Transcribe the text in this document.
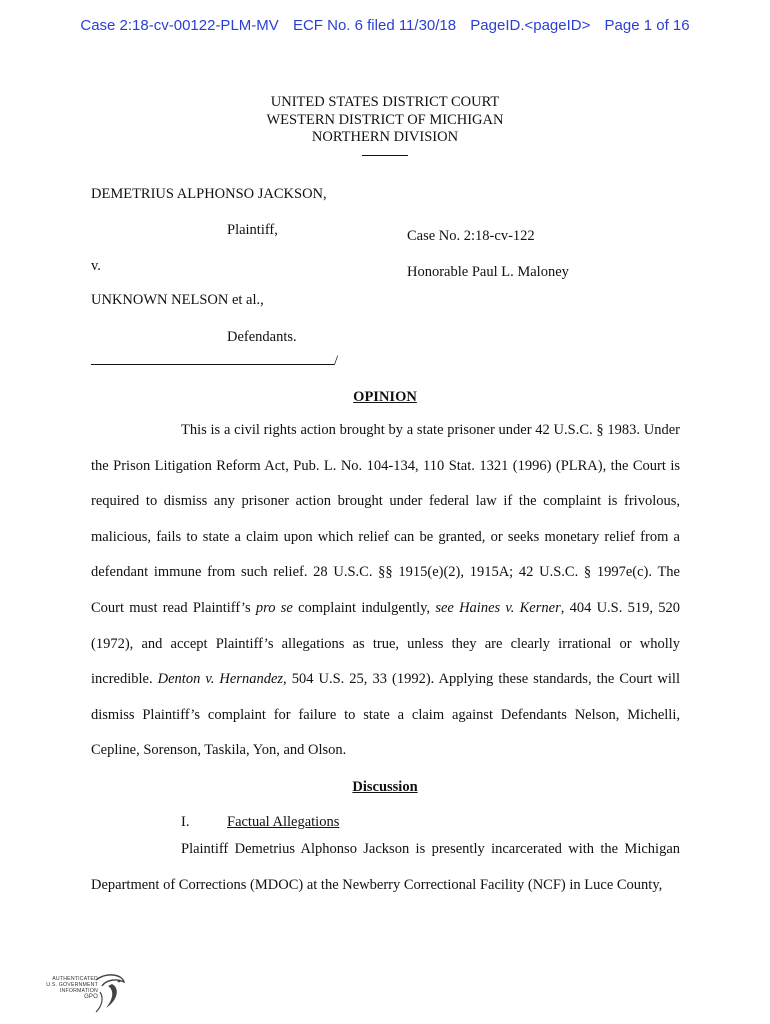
Case 2:18-cv-00122-PLM-MV ECF No. 6 filed 11/30/18 PageID.<pageID> Page 1 of 16
UNITED STATES DISTRICT COURT
WESTERN DISTRICT OF MICHIGAN
NORTHERN DIVISION
DEMETRIUS ALPHONSO JACKSON,
Plaintiff,	Case No. 2:18-cv-122
v.	Honorable Paul L. Maloney
UNKNOWN NELSON et al.,
Defendants.
/
OPINION

This is a civil rights action brought by a state prisoner under 42 U.S.C. § 1983. Under the Prison Litigation Reform Act, Pub. L. No. 104-134, 110 Stat. 1321 (1996) (PLRA), the Court is required to dismiss any prisoner action brought under federal law if the complaint is frivolous, malicious, fails to state a claim upon which relief can be granted, or seeks monetary relief from a defendant immune from such relief. 28 U.S.C. §§ 1915(e)(2), 1915A; 42 U.S.C. § 1997e(c). The Court must read Plaintiff’s pro se complaint indulgently, see Haines v. Kerner, 404 U.S. 519, 520 (1972), and accept Plaintiff’s allegations as true, unless they are clearly irrational or wholly incredible. Denton v. Hernandez, 504 U.S. 25, 33 (1992). Applying these standards, the Court will dismiss Plaintiff’s complaint for failure to state a claim against Defendants Nelson, Michelli, Cepline, Sorenson, Taskila, Yon, and Olson.

Discussion
I.	Factual Allegations

Plaintiff Demetrius Alphonso Jackson is presently incarcerated with the Michigan Department of Corrections (MDOC) at the Newberry Correctional Facility (NCF) in Luce County,

AUTHENTICATED
U.S. GOVERNMENT
INFORMATION
GPO
